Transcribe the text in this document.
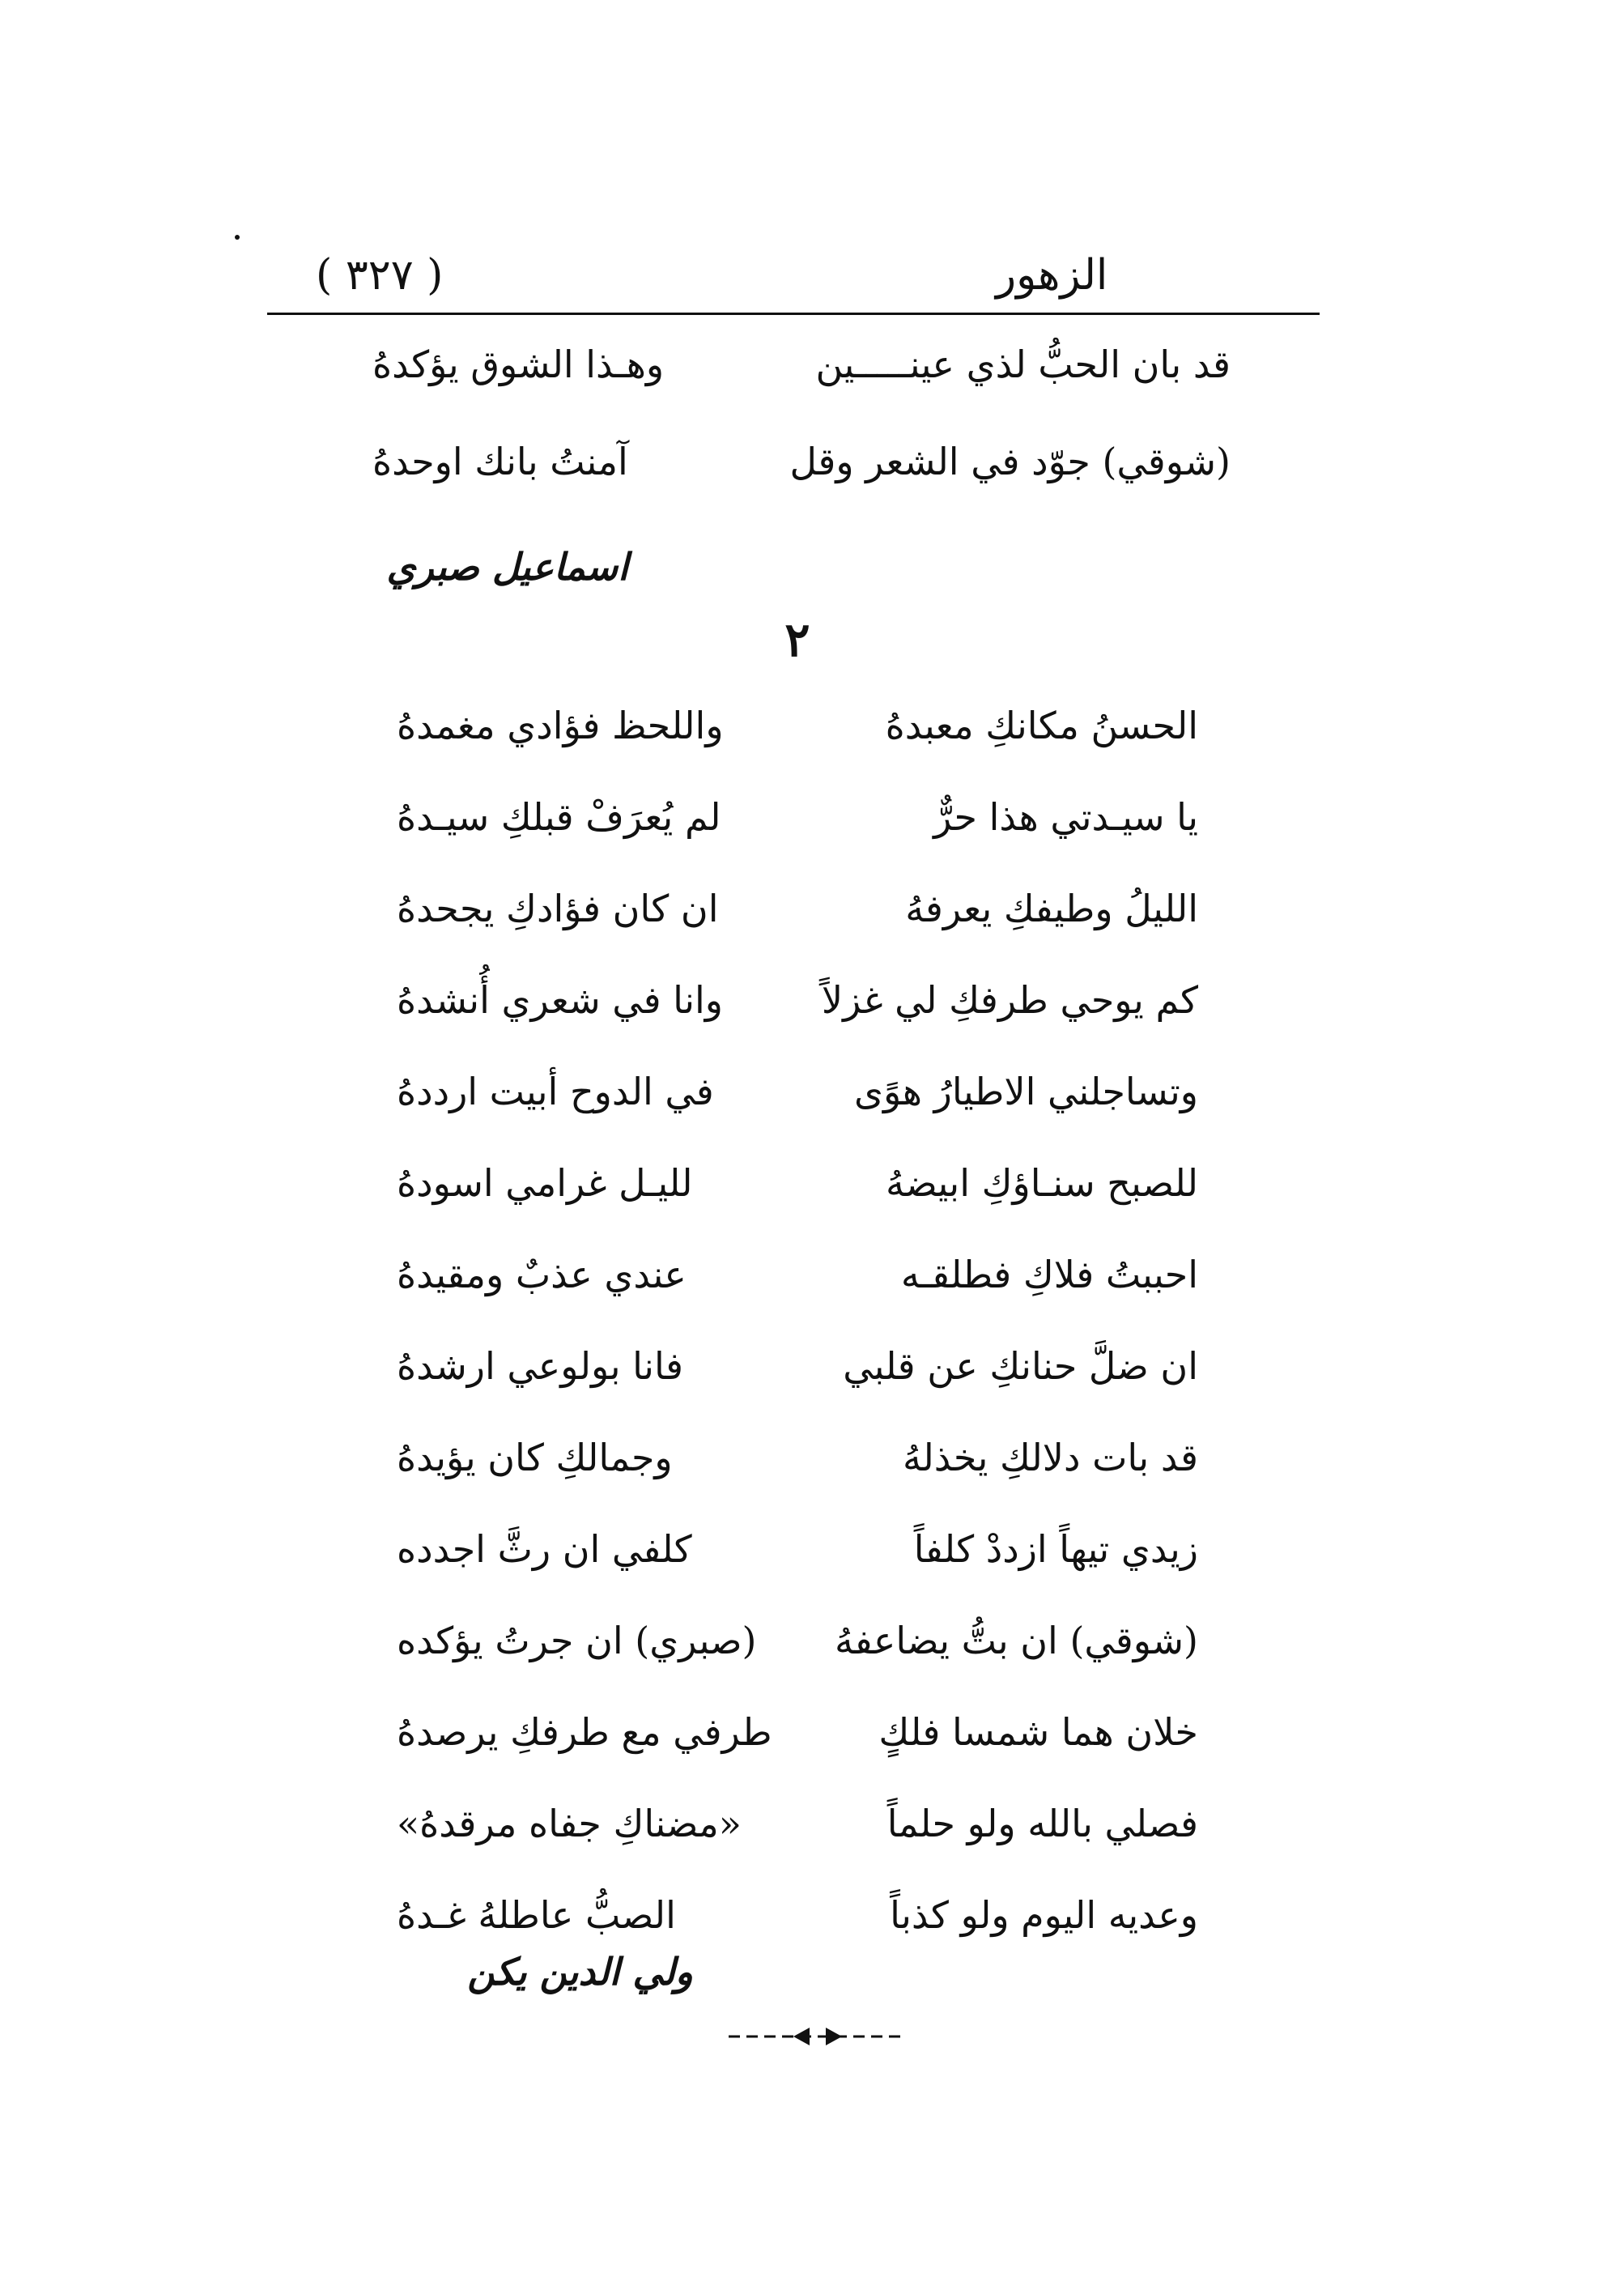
الزهور
( ٣٢٧ )
قد بان الحبُّ لذي عينـــــين
وهـذا الشوق يؤكدهُ
(شوقي) جوّد في الشعر وقل
آمنتُ بانك اوحدهُ
اسماعيل صبري
٢
الحسنُ مكانكِ معبدهُ
واللحظ فؤادي مغمدهُ
يا سيـدتي هذا حرٌّ
لم يُعرَفْ قبلكِ سيـدهُ
الليلُ وطيفكِ يعرفهُ
ان كان فؤادكِ يجحدهُ
كم يوحي طرفكِ لي غزلاً
وانا في شعري أُنشدهُ
وتساجلني الاطيارُ هوًى
في الدوح أبيت ارددهُ
للصبح سنـاؤكِ ابيضهُ
لليـل غرامي اسودهُ
احببتُ فلاكِ فطلقـه
عندي عذبٌ ومقيدهُ
ان ضلَّ حنانكِ عن قلبي
فانا بولوعي ارشدهُ
قد بات دلالكِ يخذلهُ
وجمالكِ كان يؤيدهُ
زيدي تيهاً ازددْ كلفاً
كلفي ان رثَّ اجدده
(شوقي) ان بتُّ يضاعفهُ
(صبري) ان جرتُ يؤكده
خلان هما شمسا فلكٍ
طرفي مع طرفكِ يرصدهُ
فصلي بالله ولو حلماً
«مضناكِ جفاه مرقدهُ»
وعديه اليوم ولو كذباً
الصبُّ عاطلهُ غـدهُ
ولي الدين يكن
